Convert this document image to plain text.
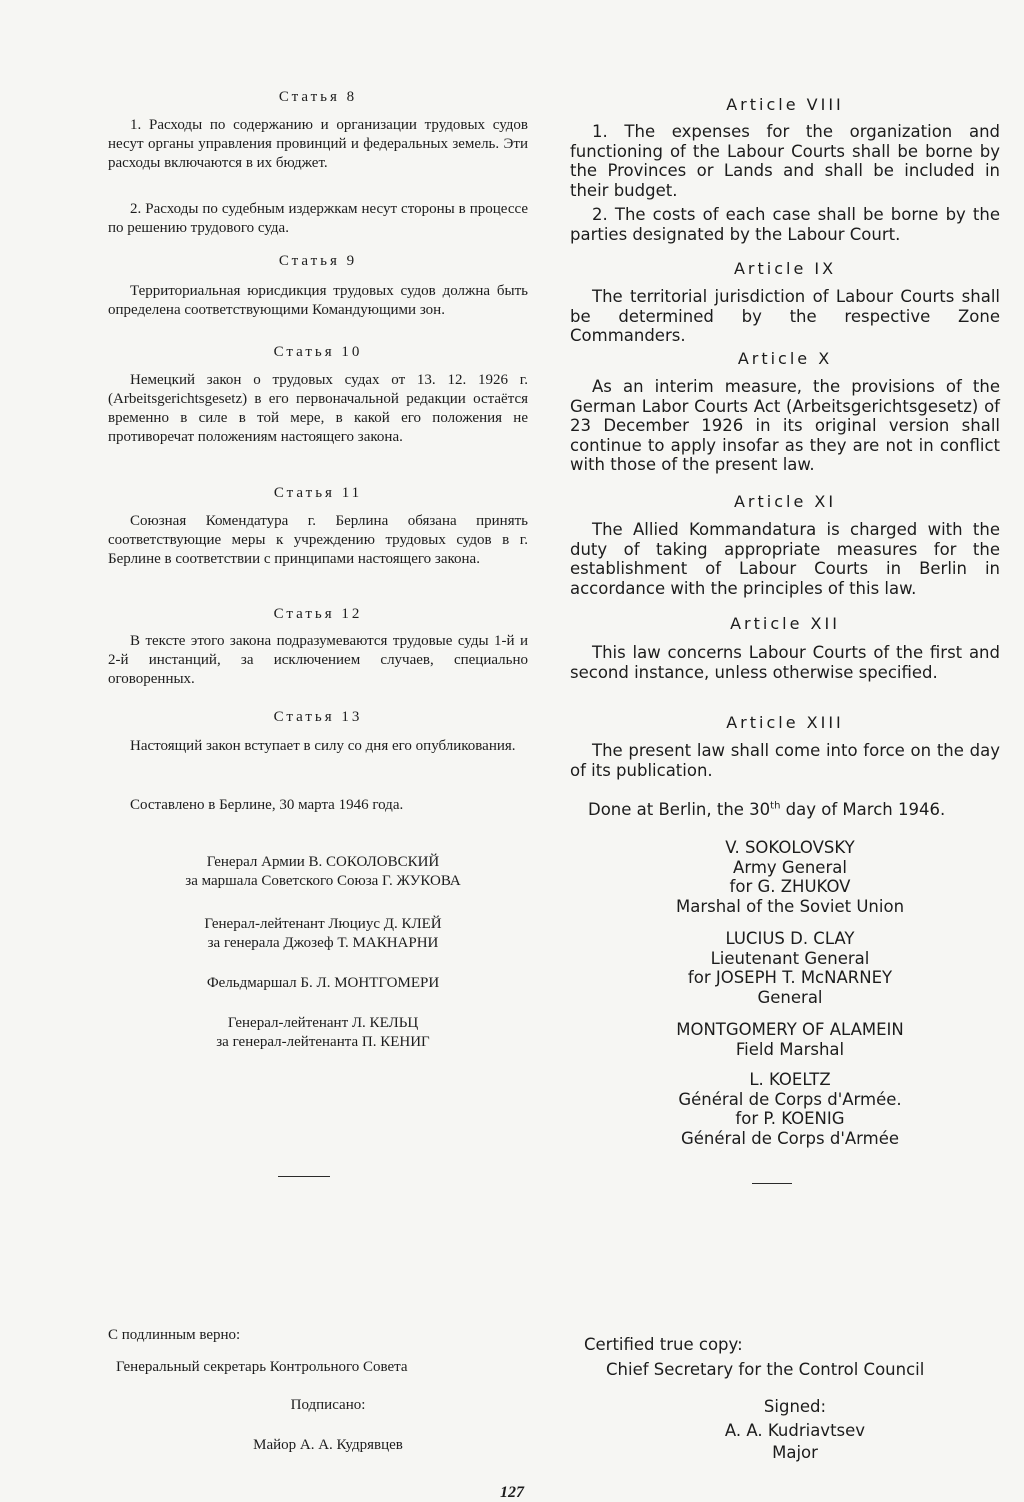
Статья 8

1. Расходы по содержанию и организации трудовых судов несут органы управления провинций и федеральных земель. Эти расходы включаются в их бюджет.

2. Расходы по судебным издержкам несут стороны в процессе по решению трудового суда.

Статья 9

Территориальная юрисдикция трудовых судов должна быть определена соответствующими Командующими зон.

Статья 10

Немецкий закон о трудовых судах от 13. 12. 1926 г. (Arbeitsgerichtsgesetz) в его первоначальной редакции остаётся временно в силе в той мере, в какой его положения не противоречат положениям настоящего закона.

Статья 11

Союзная Комендатура г. Берлина обязана принять соответствующие меры к учреждению трудовых судов в г. Берлине в соответствии с принципами настоящего закона.

Статья 12

В тексте этого закона подразумеваются трудовые суды 1-й и 2-й инстанций, за исключением случаев, специально оговоренных.

Статья 13

Настоящий закон вступает в силу со дня его опубликования.

Составлено в Берлине, 30 марта 1946 года.

Генерал Армии В. СОКОЛОВСКИЙ
за маршала Советского Союза Г. ЖУКОВА
Генерал-лейтенант Люциус Д. КЛЕЙ
за генерала Джозеф Т. МАКНАРНИ
Фельдмаршал Б. Л. МОНТГОМЕРИ
Генерал-лейтенант Л. КЕЛЬЦ
за генерал-лейтенанта П. КЕНИГ
С подлинным верно:
Генеральный секретарь Контрольного Совета
Подписано:
Майор А. А. Кудрявцев
Article VIII

1. The expenses for the organization and functioning of the Labour Courts shall be borne by the Provinces or Lands and shall be included in their budget.

2. The costs of each case shall be borne by the parties designated by the Labour Court.

Article IX

The territorial jurisdiction of Labour Courts shall be determined by the respective Zone Commanders.

Article X

As an interim measure, the provisions of the German Labor Courts Act (Arbeitsgerichtsgesetz) of 23 December 1926 in its original version shall continue to apply insofar as they are not in conflict with those of the present law.

Article XI

The Allied Kommandatura is charged with the duty of taking appropriate measures for the establishment of Labour Courts in Berlin in accordance with the principles of this law.

Article XII

This law concerns Labour Courts of the first and second instance, unless otherwise specified.

Article XIII

The present law shall come into force on the day of its publication.

Done at Berlin, the 30th day of March 1946.
V. SOKOLOVSKY
Army General
for G. ZHUKOV
Marshal of the Soviet Union
LUCIUS D. CLAY
Lieutenant General
for JOSEPH T. McNARNEY
General
MONTGOMERY OF ALAMEIN
Field Marshal
L. KOELTZ
Général de Corps d'Armée.
for P. KOENIG
Général de Corps d'Armée
Certified true copy:
Chief Secretary for the Control Council
Signed:
A. A. Kudriavtsev
Major
127
